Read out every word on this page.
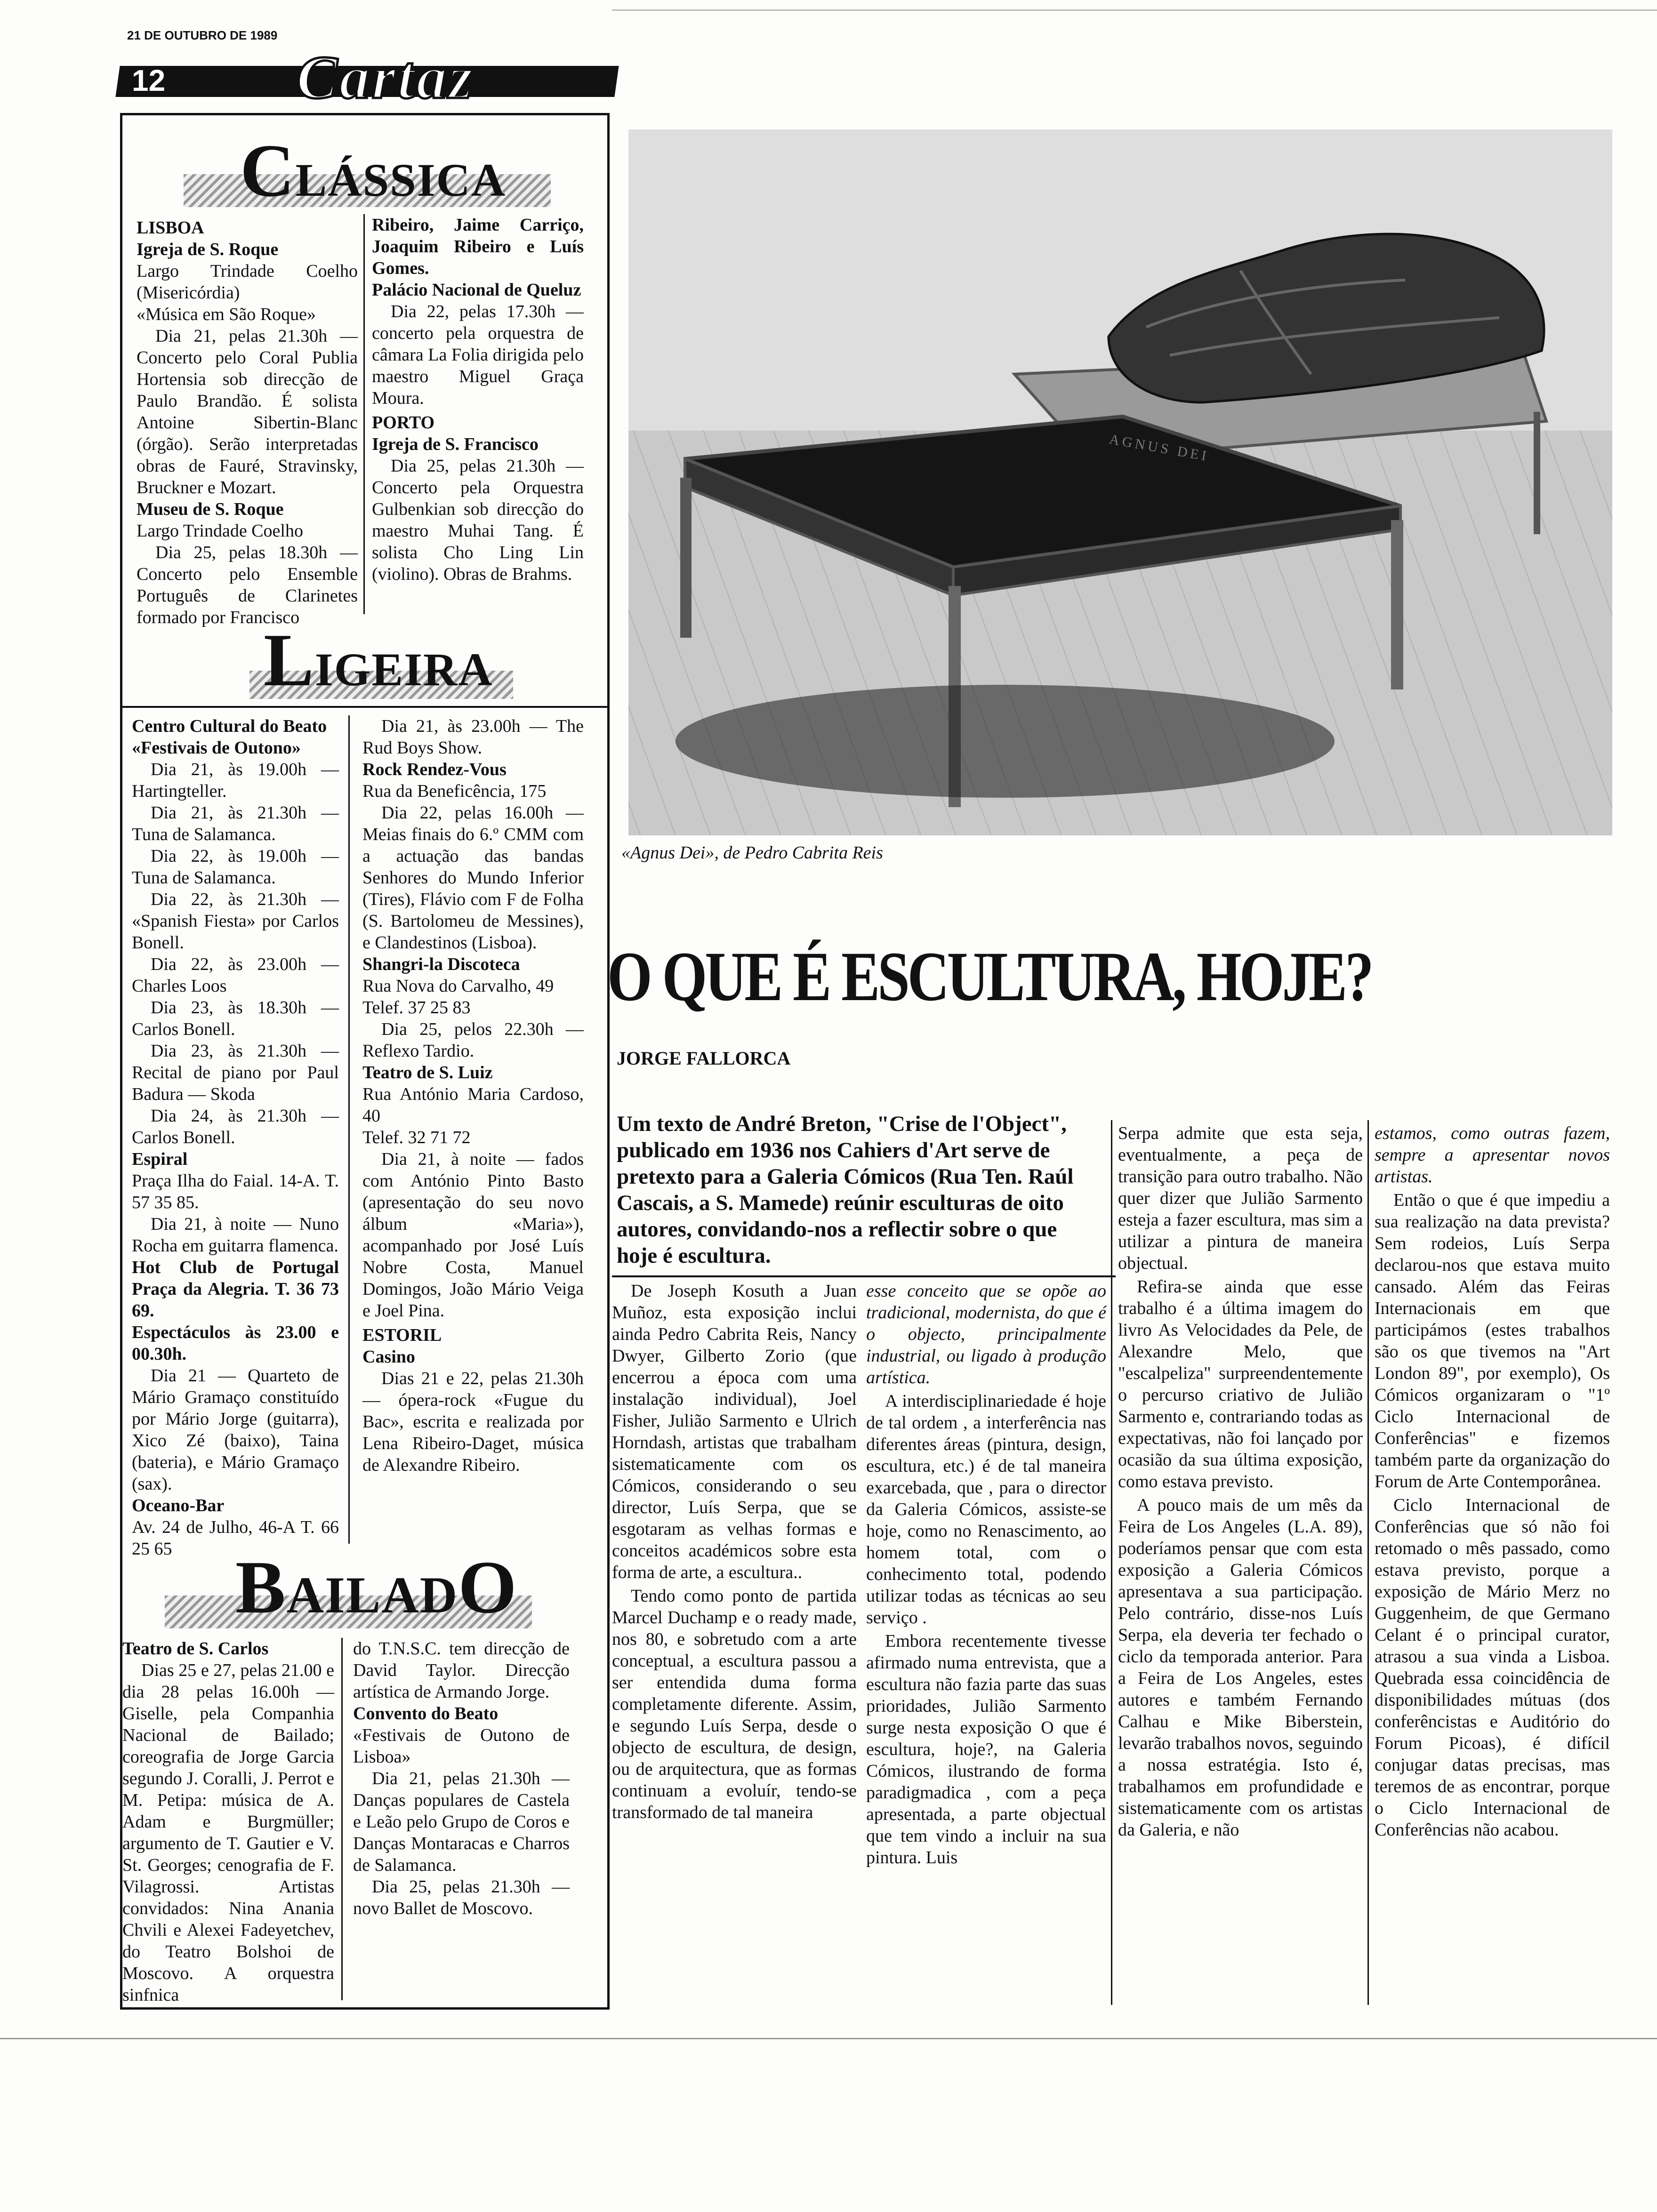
21 DE OUTUBRO DE 1989
12 Cartaz
CLÁSSICA
LISBOA
Igreja de S. Roque
Largo Trindade Coelho (Misericórdia)
«Música em São Roque»
Dia 21, pelas 21.30h — Concerto pelo Coral Publia Hortensia sob direcção de Paulo Brandão. É solista Antoine Sibertin-Blanc (órgão). Serão interpretadas obras de Fauré, Stravinsky, Bruckner e Mozart.
Museu de S. Roque
Largo Trindade Coelho
Dia 25, pelas 18.30h — Concerto pelo Ensemble Português de Clarinetes formado por Francisco
Ribeiro, Jaime Carriço, Joaquim Ribeiro e Luís Gomes.
Palácio Nacional de Queluz
Dia 22, pelas 17.30h — concerto pela orquestra de câmara La Folia dirigida pelo maestro Miguel Graça Moura.
PORTO
Igreja de S. Francisco
Dia 25, pelas 21.30h — Concerto pela Orquestra Gulbenkian sob direcção do maestro Muhai Tang. É solista Cho Ling Lin (violino). Obras de Brahms.
LIGEIRA
Centro Cultural do Beato
«Festivais de Outono»
Dia 21, às 19.00h — Hartingteller.
Dia 21, às 21.30h — Tuna de Salamanca.
Dia 22, às 19.00h — Tuna de Salamanca.
Dia 22, às 21.30h — «Spanish Fiesta» por Carlos Bonell.
Dia 22, às 23.00h — Charles Loos
Dia 23, às 18.30h — Carlos Bonell.
Dia 23, às 21.30h — Recital de piano por Paul Badura — Skoda
Dia 24, às 21.30h — Carlos Bonell.
Espiral
Praça Ilha do Faial. 14-A. T. 57 35 85.
Dia 21, à noite — Nuno Rocha em guitarra flamenca.
Hot Club de Portugal Praça da Alegria. T. 36 73 69.
Espectáculos às 23.00 e 00.30h.
Dia 21 — Quarteto de Mário Gramaço constituído por Mário Jorge (guitarra), Xico Zé (baixo), Taina (bateria), e Mário Gramaço (sax).
Oceano-Bar
Av. 24 de Julho, 46-A T. 66 25 65
Dia 21, às 23.00h — The Rud Boys Show.
Rock Rendez-Vous
Rua da Beneficência, 175
Dia 22, pelas 16.00h — Meias finais do 6.º CMM com a actuação das bandas Senhores do Mundo Inferior (Tires), Flávio com F de Folha (S. Bartolomeu de Messines), e Clandestinos (Lisboa).
Shangri-la Discoteca
Rua Nova do Carvalho, 49
Telef. 37 25 83
Dia 25, pelos 22.30h — Reflexo Tardio.
Teatro de S. Luiz
Rua António Maria Cardoso, 40
Telef. 32 71 72
Dia 21, à noite — fados com António Pinto Basto (apresentação do seu novo álbum «Maria»), acompanhado por José Luís Nobre Costa, Manuel Domingos, João Mário Veiga e Joel Pina.
ESTORIL
Casino
Dias 21 e 22, pelas 21.30h — ópera-rock «Fugue du Bac», escrita e realizada por Lena Ribeiro-Daget, música de Alexandre Ribeiro.
BAILADO
Teatro de S. Carlos
Dias 25 e 27, pelas 21.00 e dia 28 pelas 16.00h — Giselle, pela Companhia Nacional de Bailado; coreografia de Jorge Garcia segundo J. Coralli, J. Perrot e M. Petipa: música de A. Adam e Burgmüller; argumento de T. Gautier e V. St. Georges; cenografia de F. Vilagrossi. Artistas convidados: Nina Anania Chvili e Alexei Fadeyetchev, do Teatro Bolshoi de Moscovo. A orquestra sinfnica
do T.N.S.C. tem direcção de David Taylor. Direcção artística de Armando Jorge.
Convento do Beato
«Festivais de Outono de Lisboa»
Dia 21, pelas 21.30h — Danças populares de Castela e Leão pelo Grupo de Coros e Danças Montaracas e Charros de Salamanca.
Dia 25, pelas 21.30h — novo Ballet de Moscovo.
AGNUS DEI
«Agnus Dei», de Pedro Cabrita Reis
O QUE É ESCULTURA, HOJE?
JORGE FALLORCA
Um texto de André Breton, "Crise de l'Object", publicado em 1936 nos Cahiers d'Art serve de pretexto para a Galeria Cómicos (Rua Ten. Raúl Cascais, a S. Mamede) reúnir esculturas de oito autores, convidando-nos a reflectir sobre o que hoje é escultura.

De Joseph Kosuth a Juan Muñoz, esta exposição inclui ainda Pedro Cabrita Reis, Nancy Dwyer, Gilberto Zorio (que encerrou a época com uma instalação individual), Joel Fisher, Julião Sarmento e Ulrich Horndash, artistas que trabalham sistematicamente com os Cómicos, considerando o seu director, Luís Serpa, que se esgotaram as velhas formas e conceitos académicos sobre esta forma de arte, a escultura..

Tendo como ponto de partida Marcel Duchamp e o ready made, nos 80, e sobretudo com a arte conceptual, a escultura passou a ser entendida duma forma completamente diferente. Assim, e segundo Luís Serpa, desde o objecto de escultura, de design, ou de arquitectura, que as formas continuam a evoluír, tendo-se transformado de tal maneira

esse conceito que se opõe ao tradicional, modernista, do que é o objecto, principalmente industrial, ou ligado à produção artística.

A interdisciplinariedade é hoje de tal ordem , a interferência nas diferentes áreas (pintura, design, escultura, etc.) é de tal maneira exarcebada, que , para o director da Galeria Cómicos, assiste-se hoje, como no Renascimento, ao homem total, com o conhecimento total, podendo utilizar todas as técnicas ao seu serviço .

Embora recentemente tivesse afirmado numa entrevista, que a escultura não fazia parte das suas prioridades, Julião Sarmento surge nesta exposição O que é escultura, hoje?, na Galeria Cómicos, ilustrando de forma paradigmadica , com a peça apresentada, a parte objectual que tem vindo a incluir na sua pintura. Luis

Serpa admite que esta seja, eventualmente, a peça de transição para outro trabalho. Não quer dizer que Julião Sarmento esteja a fazer escultura, mas sim a utilizar a pintura de maneira objectual.

Refira-se ainda que esse trabalho é a última imagem do livro As Velocidades da Pele, de Alexandre Melo, que "escalpeliza" surpreendentemente o percurso criativo de Julião Sarmento e, contrariando todas as expectativas, não foi lançado por ocasião da sua última exposição, como estava previsto.

A pouco mais de um mês da Feira de Los Angeles (L.A. 89), poderíamos pensar que com esta exposição a Galeria Cómicos apresentava a sua participação. Pelo contrário, disse-nos Luís Serpa, ela deveria ter fechado o ciclo da temporada anterior. Para a Feira de Los Angeles, estes autores e também Fernando Calhau e Mike Biberstein, levarão trabalhos novos, seguindo a nossa estratégia. Isto é, trabalhamos em profundidade e sistematicamente com os artistas da Galeria, e não

estamos, como outras fazem, sempre a apresentar novos artistas.

Então o que é que impediu a sua realização na data prevista? Sem rodeios, Luís Serpa declarou-nos que estava muito cansado. Além das Feiras Internacionais em que participámos (estes trabalhos são os que tivemos na "Art London 89", por exemplo), Os Cómicos organizaram o "1º Ciclo Internacional de Conferências" e fizemos também parte da organização do Forum de Arte Contemporânea.

Ciclo Internacional de Conferências que só não foi retomado o mês passado, como estava previsto, porque a exposição de Mário Merz no Guggenheim, de que Germano Celant é o principal curator, atrasou a sua vinda a Lisboa. Quebrada essa coincidência de disponibilidades mútuas (dos conferêncistas e Auditório do Forum Picoas), é difícil conjugar datas precisas, mas teremos de as encontrar, porque o Ciclo Internacional de Conferências não acabou.
